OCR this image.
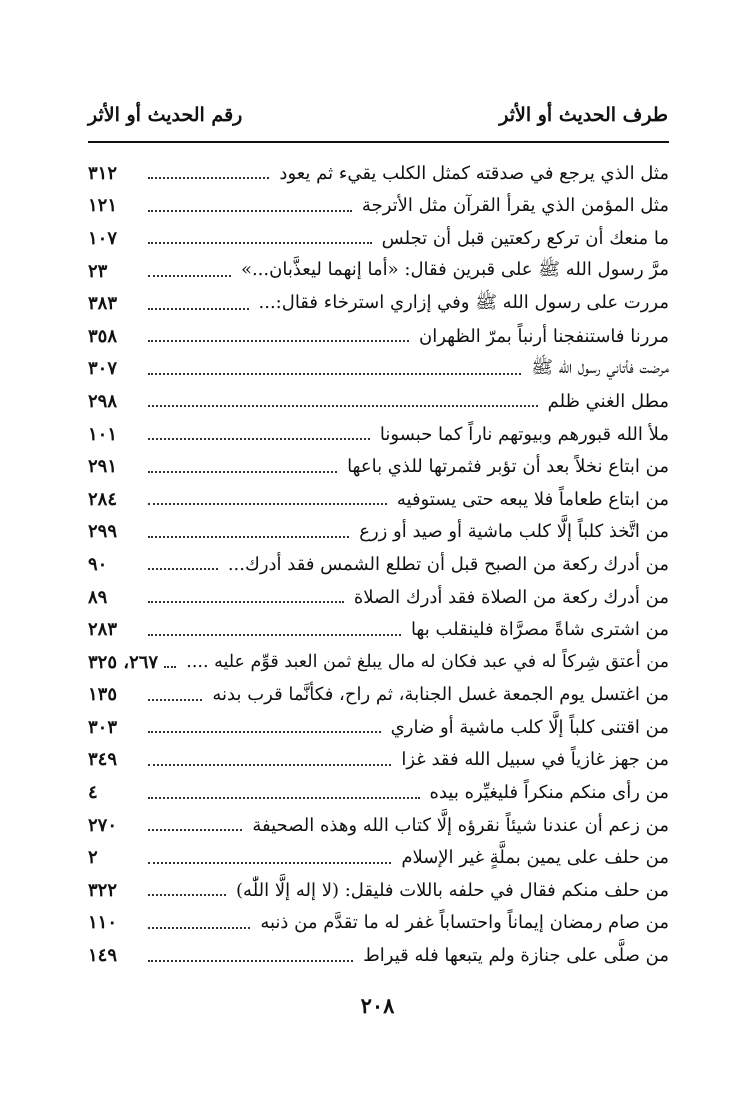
طرف الحديث أو الأثر
رقم الحديث أو الأثر
مثل الذي يرجع في صدقته كمثل الكلب يقيء ثم يعود
٣١٢
مثل المؤمن الذي يقرأ القرآن مثل الأترجة
١٢١
ما منعك أن تركع ركعتين قبل أن تجلس
١٠٧
مرَّ رسول الله ﷺ على قبرين فقال: «أما إنهما ليعذَّبان...»
٢٣
مررت على رسول الله ﷺ وفي إزاري استرخاء فقال:...
٣٨٣
مررنا فاستنفجنا أرنباً بمرّ الظهران
٣٥٨
مرضت فأتاني رسول الله ﷺ
٣٠٧
مطل الغني ظلم
٢٩٨
ملأ الله قبورهم وبيوتهم ناراً كما حبسونا
١٠١
من ابتاع نخلاً بعد أن تؤبر فثمرتها للذي باعها
٢٩١
من ابتاع طعاماً فلا يبعه حتى يستوفيه
٢٨٤
من اتَّخذ كلباً إلَّا كلب ماشية أو صيد أو زرع
٢٩٩
من أدرك ركعة من الصبح قبل أن تطلع الشمس فقد أدرك...
٩٠
من أدرك ركعة من الصلاة فقد أدرك الصلاة
٨٩
من اشترى شاةً مصرَّاة فلينقلب بها
٢٨٣
من أعتق شِركاً له في عبد فكان له مال يبلغ ثمن العبد قوِّم عليه ....
٢٦٧، ٣٢٥
من اغتسل يوم الجمعة غسل الجنابة، ثم راح، فكأنَّما قرب بدنه
١٣٥
من اقتنى كلباً إلَّا كلب ماشية أو ضاري
٣٠٣
من جهز غازياً في سبيل الله فقد غزا
٣٤٩
من رأى منكم منكراً فليغيِّره بيده
٤
من زعم أن عندنا شيئاً نقرؤه إلَّا كتاب الله وهذه الصحيفة
٢٧٠
من حلف على يمين بملَّةٍ غير الإسلام
٢
من حلف منكم فقال في حلفه باللات فليقل: (لا إله إلَّا اللّٰه)
٣٢٢
من صام رمضان إيماناً واحتساباً غفر له ما تقدَّم من ذنبه
١١٠
من صلَّى على جنازة ولم يتبعها فله قيراط
١٤٩
٢٠٨
